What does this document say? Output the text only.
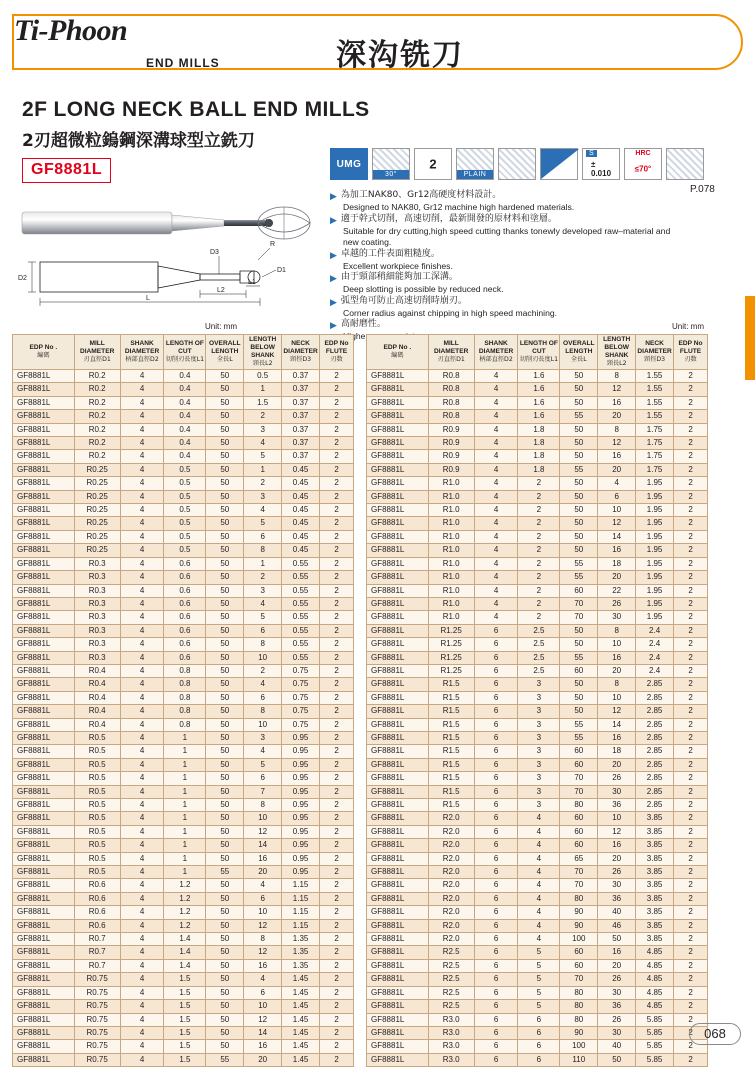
Ti-Phoon
END MILLS	深沟铣刀
2F LONG NECK BALL END MILLS
2刃超微粒鎢鋼深溝球型立銑刀
GF8881L	UMG
30°
2
PLAIN
S
± 0.010
HRC
≤70°
P.078
▶ 為加工NAK80、Gr12高硬度材料設計。
Designed to NAK80, Gr12 machine high hardened materials.
▶ 適于幹式切削，高速切削，最新開發的原材料和塗層。
Suitable for dry cutting,high speed cutting thanks tonewly developed raw–material and new coating.
▶ 卓越的工件表面粗糙度。
Excellent workpiece finishes.
▶ 由于頸部稍細能夠加工深溝。
Deep slotting is possible by reduced neck.
▶ 弧型角可防止高速切削時崩刃。
Corner radius against chipping in high speed machining.
▶ 高耐磨性。
Higher
D2
D3
D1
R
L2
L1
L
Unit: mm	Unit: mm
EDP No .
編碼	MILL DIAMETER
刃直徑D1	SHANK DIAMETER
柄部直徑D2	LENGTH OF CUT
切削刃長度L1	OVERALL LENGTH
全長L	LENGTH BELOW SHANK
頸長L2	NECK DIAMETER
頸徑D3	EDP No FLUTE
刃数

GF8881L	R0.2	4	0.4	50	0.5	0.37	2
GF8881L	R0.2	4	0.4	50	1	0.37	2
GF8881L	R0.2	4	0.4	50	1.5	0.37	2
GF8881L	R0.2	4	0.4	50	2	0.37	2
GF8881L	R0.2	4	0.4	50	3	0.37	2
GF8881L	R0.2	4	0.4	50	4	0.37	2
GF8881L	R0.2	4	0.4	50	5	0.37	2
GF8881L	R0.25	4	0.5	50	1	0.45	2
GF8881L	R0.25	4	0.5	50	2	0.45	2
GF8881L	R0.25	4	0.5	50	3	0.45	2
GF8881L	R0.25	4	0.5	50	4	0.45	2
GF8881L	R0.25	4	0.5	50	5	0.45	2
GF8881L	R0.25	4	0.5	50	6	0.45	2
GF8881L	R0.25	4	0.5	50	8	0.45	2
GF8881L	R0.3	4	0.6	50	1	0.55	2
GF8881L	R0.3	4	0.6	50	2	0.55	2
GF8881L	R0.3	4	0.6	50	3	0.55	2
GF8881L	R0.3	4	0.6	50	4	0.55	2
GF8881L	R0.3	4	0.6	50	5	0.55	2
GF8881L	R0.3	4	0.6	50	6	0.55	2
GF8881L	R0.3	4	0.6	50	8	0.55	2
GF8881L	R0.3	4	0.6	50	10	0.55	2
GF8881L	R0.4	4	0.8	50	2	0.75	2
GF8881L	R0.4	4	0.8	50	4	0.75	2
GF8881L	R0.4	4	0.8	50	6	0.75	2
GF8881L	R0.4	4	0.8	50	8	0.75	2
GF8881L	R0.4	4	0.8	50	10	0.75	2
GF8881L	R0.5	4	1	50	3	0.95	2
GF8881L	R0.5	4	1	50	4	0.95	2
GF8881L	R0.5	4	1	50	5	0.95	2
GF8881L	R0.5	4	1	50	6	0.95	2
GF8881L	R0.5	4	1	50	7	0.95	2
GF8881L	R0.5	4	1	50	8	0.95	2
GF8881L	R0.5	4	1	50	10	0.95	2
GF8881L	R0.5	4	1	50	12	0.95	2
GF8881L	R0.5	4	1	50	14	0.95	2
GF8881L	R0.5	4	1	50	16	0.95	2
GF8881L	R0.5	4	1	55	20	0.95	2
GF8881L	R0.6	4	1.2	50	4	1.15	2
GF8881L	R0.6	4	1.2	50	6	1.15	2
GF8881L	R0.6	4	1.2	50	10	1.15	2
GF8881L	R0.6	4	1.2	50	12	1.15	2
GF8881L	R0.7	4	1.4	50	8	1.35	2
GF8881L	R0.7	4	1.4	50	12	1.35	2
GF8881L	R0.7	4	1.4	50	16	1.35	2
GF8881L	R0.75	4	1.5	50	4	1.45	2
GF8881L	R0.75	4	1.5	50	6	1.45	2
GF8881L	R0.75	4	1.5	50	10	1.45	2
GF8881L	R0.75	4	1.5	50	12	1.45	2
GF8881L	R0.75	4	1.5	50	14	1.45	2
GF8881L	R0.75	4	1.5	50	16	1.45	2
GF8881L	R0.75	4	1.5	55	20	1.45	2
EDP No .
編碼	MILL DIAMETER
刃直徑D1	SHANK DIAMETER
柄部直徑D2	LENGTH OF CUT
切削刃長度L1	OVERALL LENGTH
全長L	LENGTH BELOW SHANK
頸長L2	NECK DIAMETER
頸徑D3	EDP No FLUTE
刃数

GF8881L	R0.8	4	1.6	50	8	1.55	2
GF8881L	R0.8	4	1.6	50	12	1.55	2
GF8881L	R0.8	4	1.6	50	16	1.55	2
GF8881L	R0.8	4	1.6	55	20	1.55	2
GF8881L	R0.9	4	1.8	50	8	1.75	2
GF8881L	R0.9	4	1.8	50	12	1.75	2
GF8881L	R0.9	4	1.8	50	16	1.75	2
GF8881L	R0.9	4	1.8	55	20	1.75	2
GF8881L	R1.0	4	2	50	4	1.95	2
GF8881L	R1.0	4	2	50	6	1.95	2
GF8881L	R1.0	4	2	50	10	1.95	2
GF8881L	R1.0	4	2	50	12	1.95	2
GF8881L	R1.0	4	2	50	14	1.95	2
GF8881L	R1.0	4	2	50	16	1.95	2
GF8881L	R1.0	4	2	55	18	1.95	2
GF8881L	R1.0	4	2	55	20	1.95	2
GF8881L	R1.0	4	2	60	22	1.95	2
GF8881L	R1.0	4	2	70	26	1.95	2
GF8881L	R1.0	4	2	70	30	1.95	2
GF8881L	R1.25	6	2.5	50	8	2.4	2
GF8881L	R1.25	6	2.5	50	10	2.4	2
GF8881L	R1.25	6	2.5	55	16	2.4	2
GF8881L	R1.25	6	2.5	60	20	2.4	2
GF8881L	R1.5	6	3	50	8	2.85	2
GF8881L	R1.5	6	3	50	10	2.85	2
GF8881L	R1.5	6	3	50	12	2.85	2
GF8881L	R1.5	6	3	55	14	2.85	2
GF8881L	R1.5	6	3	55	16	2.85	2
GF8881L	R1.5	6	3	60	18	2.85	2
GF8881L	R1.5	6	3	60	20	2.85	2
GF8881L	R1.5	6	3	70	26	2.85	2
GF8881L	R1.5	6	3	70	30	2.85	2
GF8881L	R1.5	6	3	80	36	2.85	2
GF8881L	R2.0	6	4	60	10	3.85	2
GF8881L	R2.0	6	4	60	12	3.85	2
GF8881L	R2.0	6	4	60	16	3.85	2
GF8881L	R2.0	6	4	65	20	3.85	2
GF8881L	R2.0	6	4	70	26	3.85	2
GF8881L	R2.0	6	4	70	30	3.85	2
GF8881L	R2.0	6	4	80	36	3.85	2
GF8881L	R2.0	6	4	90	40	3.85	2
GF8881L	R2.0	6	4	90	46	3.85	2
GF8881L	R2.0	6	4	100	50	3.85	2
GF8881L	R2.5	6	5	60	16	4.85	2
GF8881L	R2.5	6	5	60	20	4.85	2
GF8881L	R2.5	6	5	70	26	4.85	2
GF8881L	R2.5	6	5	80	30	4.85	2
GF8881L	R2.5	6	5	80	36	4.85	2
GF8881L	R3.0	6	6	80	26	5.85	2
GF8881L	R3.0	6	6	90	30	5.85	2
GF8881L	R3.0	6	6	100	40	5.85	2
GF8881L	R3.0	6	6	110	50	5.85	2
068
